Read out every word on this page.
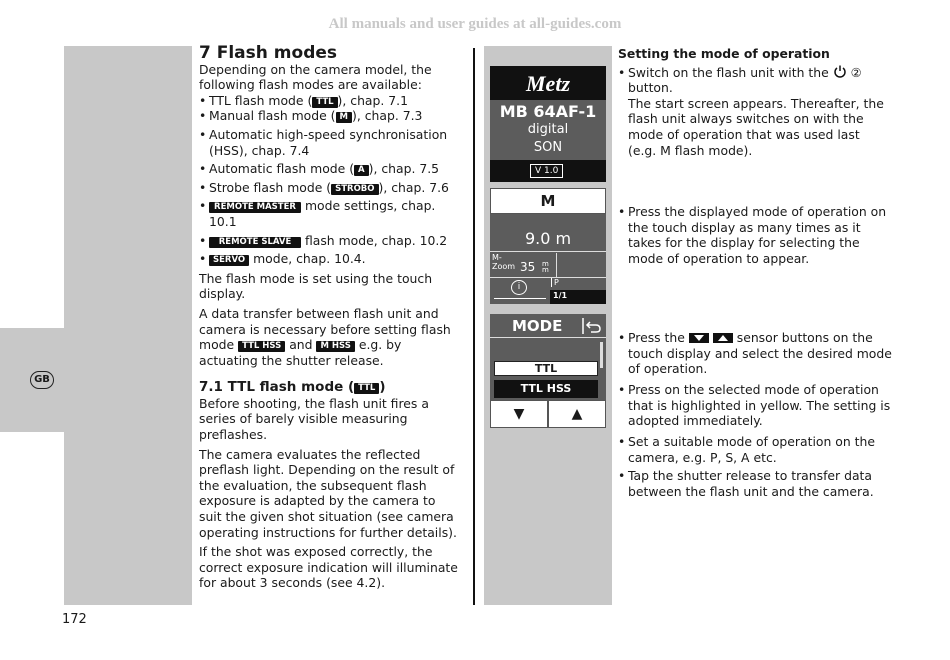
All manuals and user guides at all-guides.com
GB

7 Flash modes

Depending on the camera model, the following flash modes are available:

• TTL flash mode ( TTL ), chap. 7.1

• Manual flash mode ( M ), chap. 7.3

• Automatic high-speed synchronisation (HSS), chap. 7.4

• Automatic flash mode ( A ), chap. 7.5

• Strobe flash mode ( STROBO ), chap. 7.6

• REMOTE MASTER mode settings, chap. 10.1

• REMOTE SLAVE flash mode, chap. 10.2

• SERVO mode, chap. 10.4.

The flash mode is set using the touch display.

A data transfer between flash unit and camera is necessary before setting flash mode TTL HSS and M HSS e.g. by actuating the shutter release.

7.1 TTL flash mode ( TTL )

Before shooting, the flash unit fires a series of barely visible measuring preflashes.

The camera evaluates the reflected preflash light. Depending on the result of the evaluation, the subsequent flash exposure is adapted by the camera to suit the given shot situation (see camera operating instructions for further details).

If the shot was exposed correctly, the correct exposure indication will illuminate for about 3 seconds (see 4.2).

Metz
MB 64AF-1
digital
SON
V 1.0
M
9.0 m
M-
Zoom 35 mm
i	P
1/1
MODE
TTL
TTL HSS
▼	▲

Setting the mode of operation

• Switch on the flash unit with the ②
button.
The start screen appears. Thereafter, the flash unit always switches on with the mode of operation that was used last (e.g. M flash mode).

• Press the displayed mode of operation on the touch display as many times as it takes for the display for selecting the mode of operation to appear.

• Press the
	sensor buttons on the touch display and select the desired mode of operation.

• Press on the selected mode of operation that is highlighted in yellow. The setting is adopted immediately.

• Set a suitable mode of operation on the camera, e.g. P, S, A etc.

• Tap the shutter release to transfer data between the flash unit and the camera.

172
